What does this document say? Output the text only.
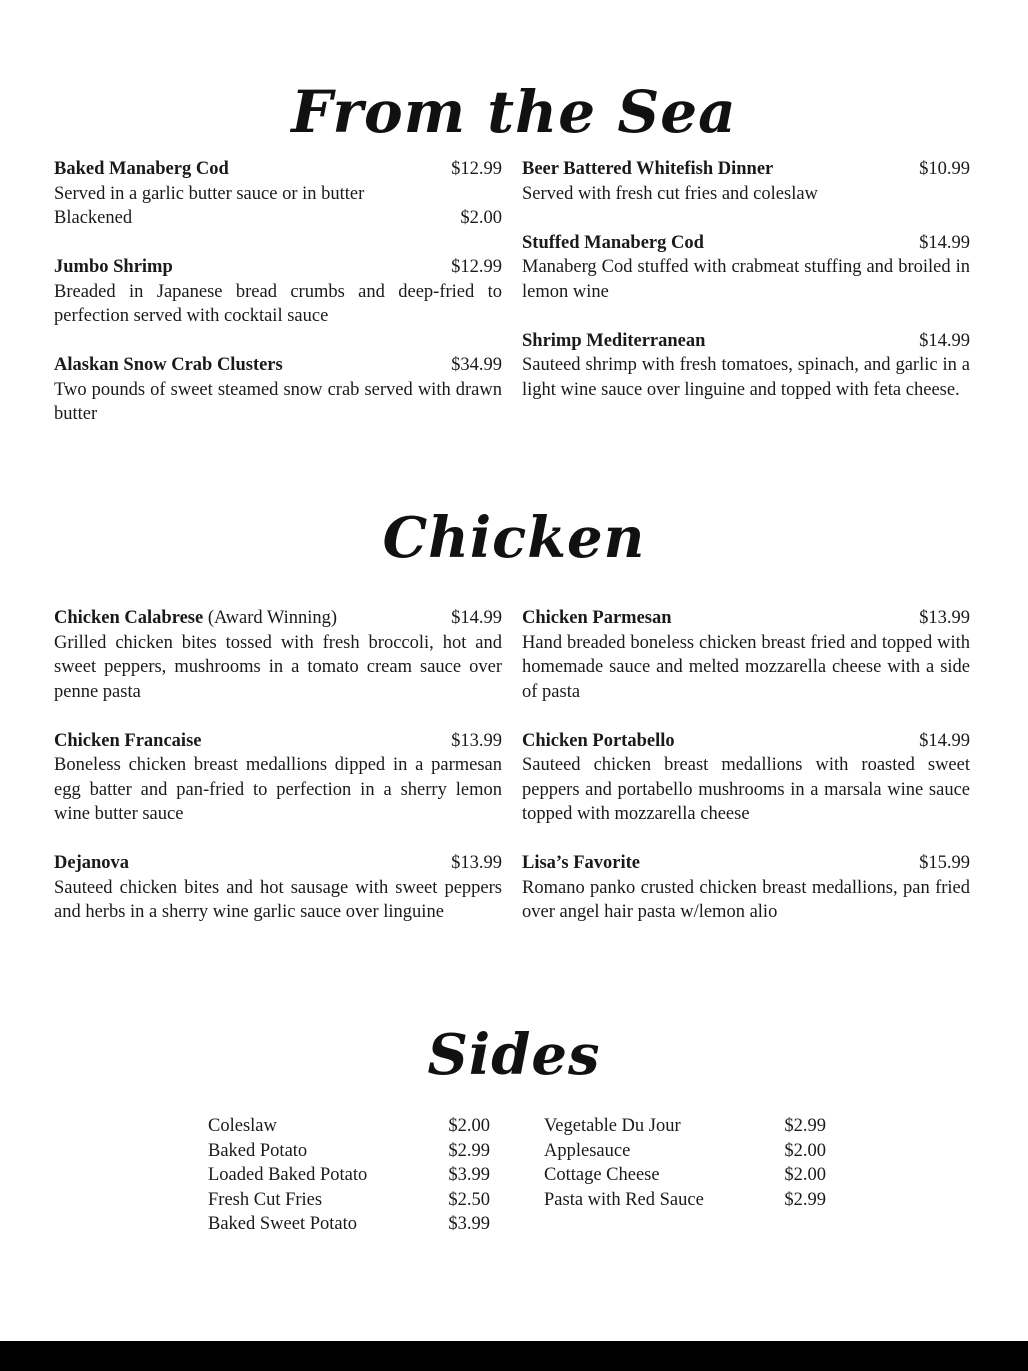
From the Sea
Baked Manaberg Cod	$12.99
Served in a garlic butter sauce or in butter
Blackened	$2.00
Jumbo Shrimp	$12.99
Breaded in Japanese bread crumbs and deep-fried to perfection served with cocktail sauce
Alaskan Snow Crab Clusters	$34.99
Two pounds of sweet steamed snow crab served with drawn butter
Beer Battered Whitefish Dinner	$10.99
Served with fresh cut fries and coleslaw
Stuffed Manaberg Cod	$14.99
Manaberg Cod stuffed with crabmeat stuffing and broiled in lemon wine
Shrimp Mediterranean	$14.99
Sauteed shrimp with fresh tomatoes, spinach, and garlic in a light wine sauce over linguine and topped with feta cheese.
Chicken
Chicken Calabrese (Award Winning)	$14.99
Grilled chicken bites tossed with fresh broccoli, hot and sweet peppers, mushrooms in a tomato cream sauce over penne pasta
Chicken Francaise	$13.99
Boneless chicken breast medallions dipped in a parmesan egg batter and pan-fried to perfection in a sherry lemon wine butter sauce
Dejanova	$13.99
Sauteed chicken bites and hot sausage with sweet peppers and herbs in a sherry wine garlic sauce over linguine
Chicken Parmesan	$13.99
Hand breaded boneless chicken breast fried and topped with homemade sauce and melted mozzarella cheese with a side of pasta
Chicken Portabello	$14.99
Sauteed chicken breast medallions with roasted sweet peppers and portabello mushrooms in a marsala wine sauce topped with mozzarella cheese
Lisa’s Favorite	$15.99
Romano panko crusted chicken breast medallions, pan fried over angel hair pasta w/lemon alio
Sides
Coleslaw	$2.00
Baked Potato	$2.99
Loaded Baked Potato	$3.99
Fresh Cut Fries	$2.50
Baked Sweet Potato	$3.99
Vegetable Du Jour	$2.99
Applesauce	$2.00
Cottage Cheese	$2.00
Pasta with Red Sauce	$2.99
